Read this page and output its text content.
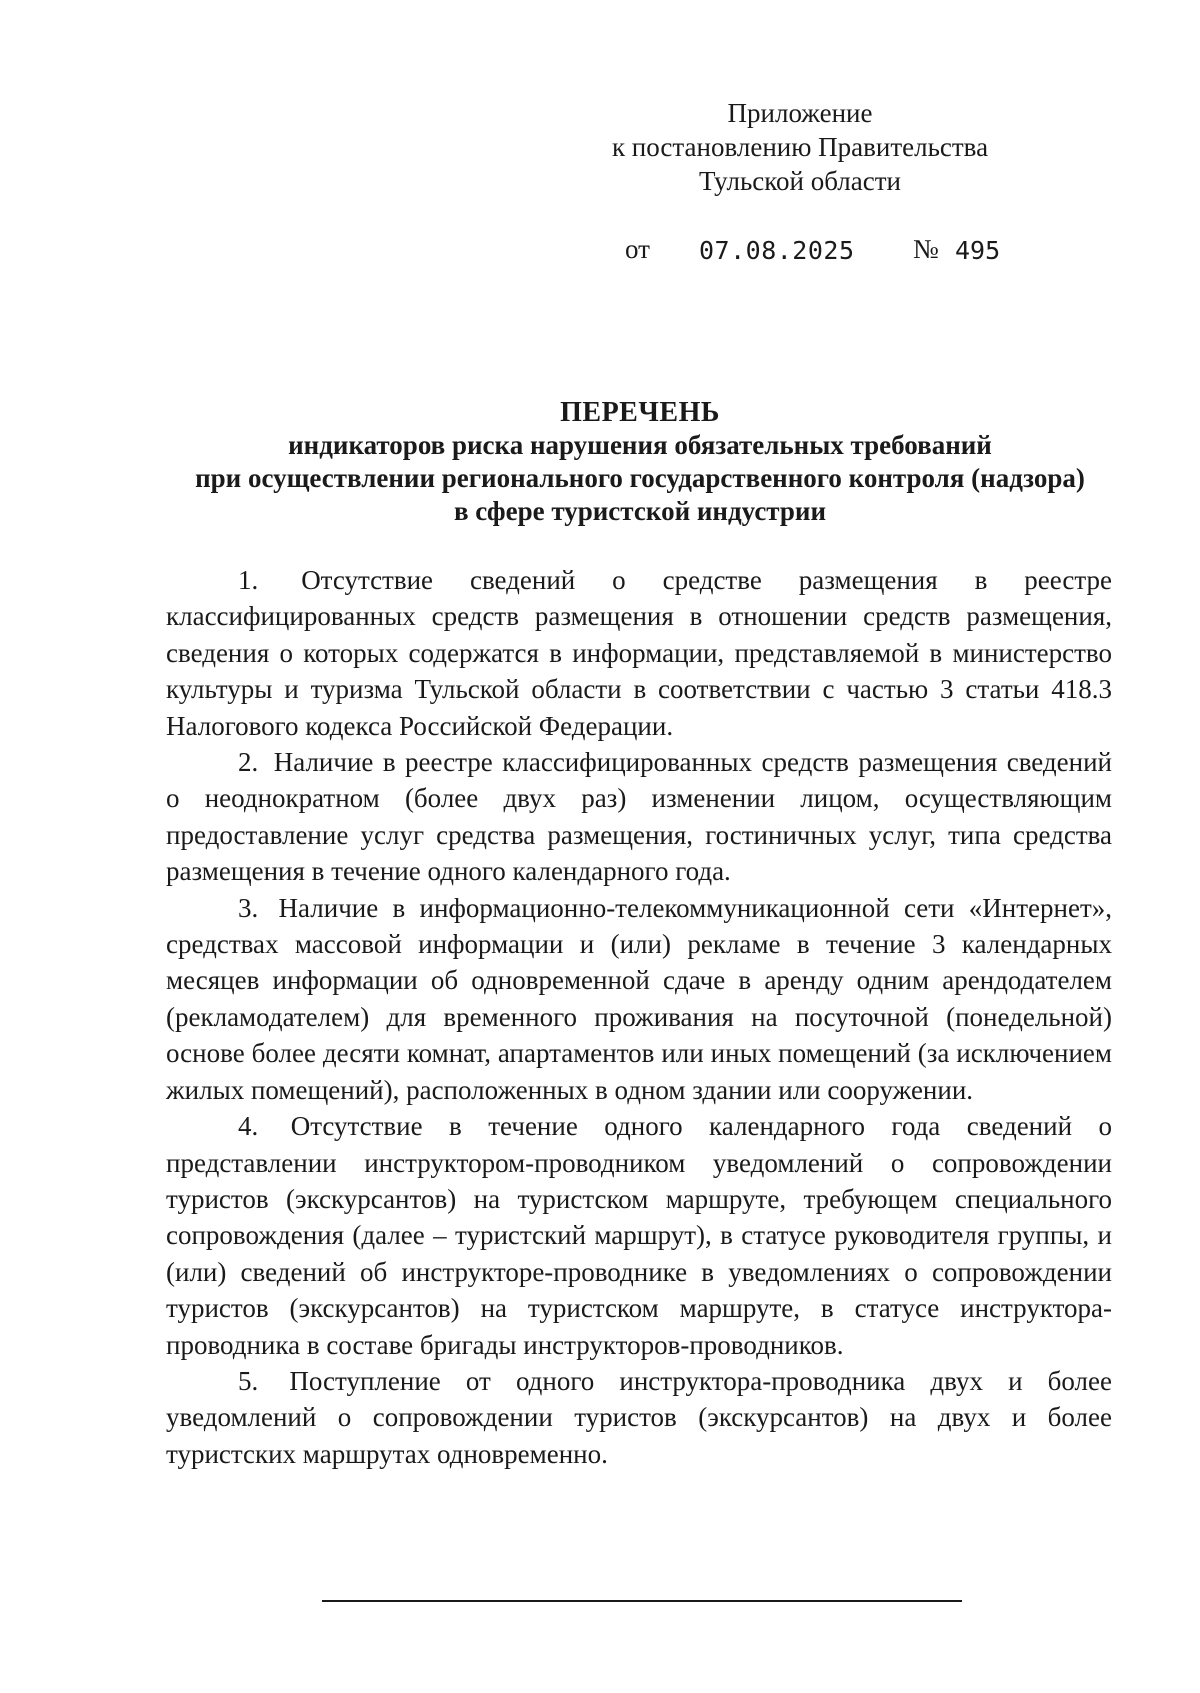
Приложение
к постановлению Правительства
Тульской области
от 07.08.2025 № 495
ПЕРЕЧЕНЬ
индикаторов риска нарушения обязательных требований
при осуществлении регионального государственного контроля (надзора)
в сфере туристской индустрии

1. Отсутствие сведений о средстве размещения в реестре классифицированных средств размещения в отношении средств размещения, сведения о которых содержатся в информации, представляемой в министерство культуры и туризма Тульской области в соответствии с частью 3 статьи 418.3 Налогового кодекса Российской Федерации.

2. Наличие в реестре классифицированных средств размещения сведений о неоднократном (более двух раз) изменении лицом, осуществляющим предоставление услуг средства размещения, гостиничных услуг, типа средства размещения в течение одного календарного года.

3. Наличие в информационно-телекоммуникационной сети «Интернет», средствах массовой информации и (или) рекламе в течение 3 календарных месяцев информации об одновременной сдаче в аренду одним арендодателем (рекламодателем) для временного проживания на посуточной (понедельной) основе более десяти комнат, апартаментов или иных помещений (за исключением жилых помещений), расположенных в одном здании или сооружении.

4. Отсутствие в течение одного календарного года сведений о представлении инструктором-проводником уведомлений о сопровождении туристов (экскурсантов) на туристском маршруте, требующем специального сопровождения (далее – туристский маршрут), в статусе руководителя группы, и (или) сведений об инструкторе-проводнике в уведомлениях о сопровождении туристов (экскурсантов) на туристском маршруте, в статусе инструктора-проводника в составе бригады инструкторов-проводников.

5. Поступление от одного инструктора-проводника двух и более уведомлений о сопровождении туристов (экскурсантов) на двух и более туристских маршрутах одновременно.
